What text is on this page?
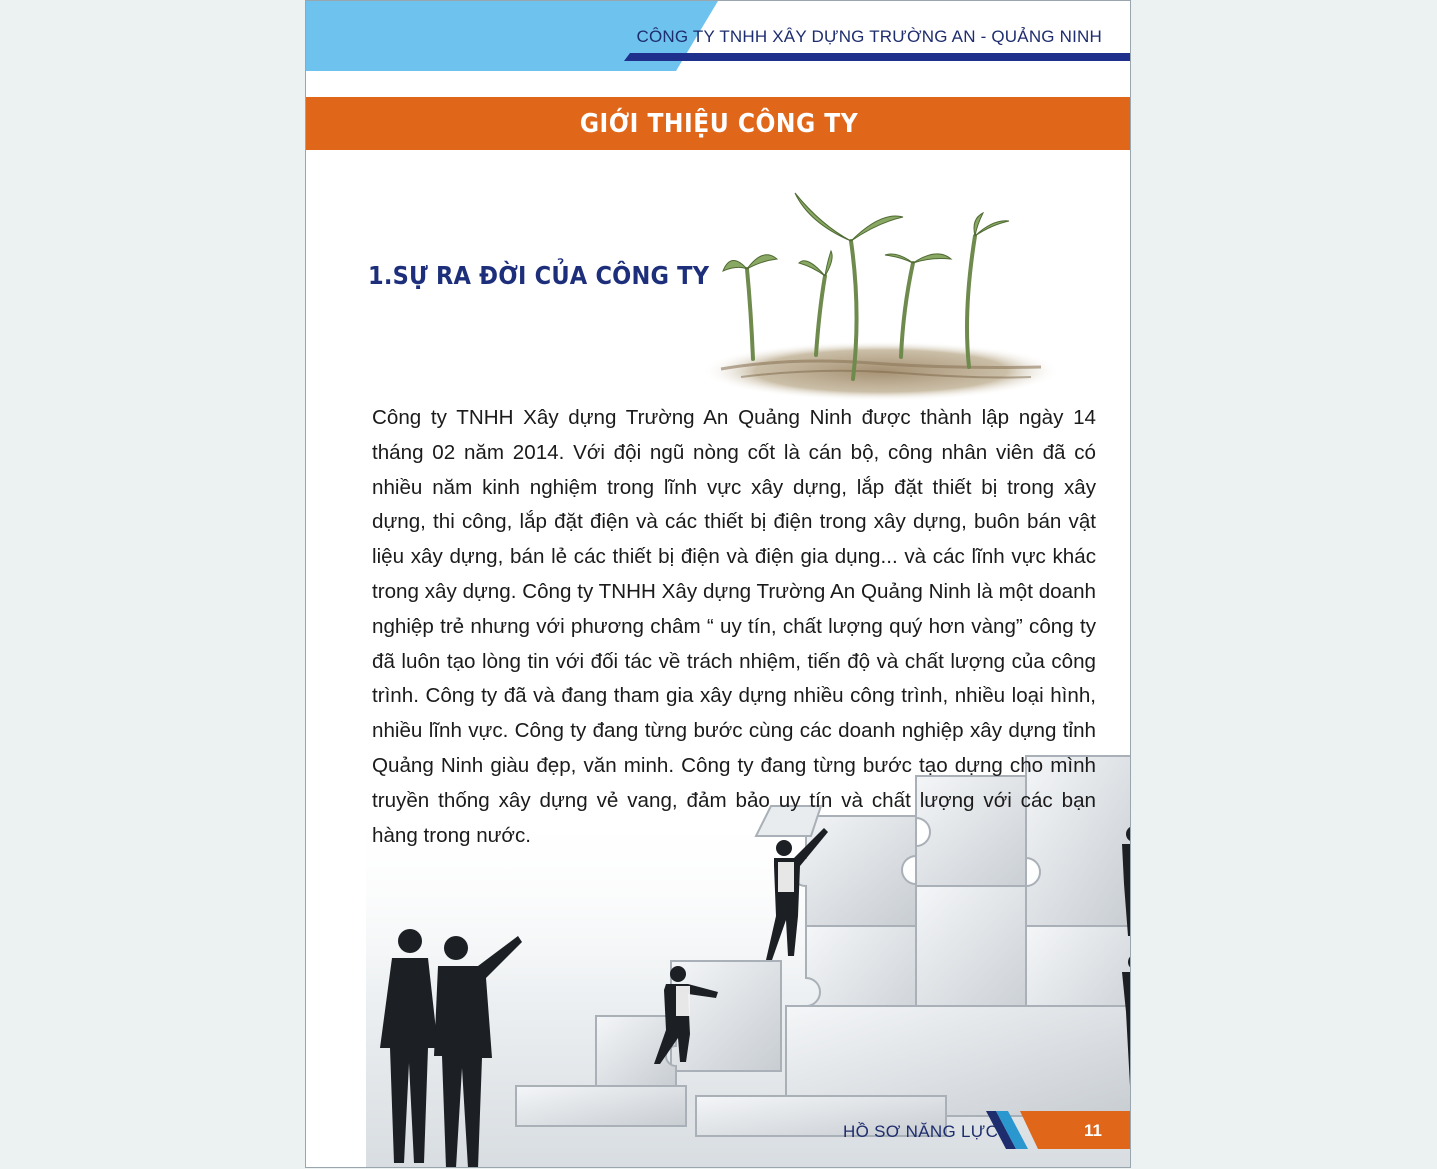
CÔNG TY TNHH XÂY DỰNG TRƯỜNG AN - QUẢNG NINH
GIỚI THIỆU CÔNG TY
1.SỰ RA ĐỜI CỦA CÔNG TY

Công ty TNHH Xây dựng Trường An Quảng Ninh được thành lập ngày 14 tháng 02 năm 2014. Với đội ngũ nòng cốt là cán bộ, công nhân viên đã có nhiều năm kinh nghiệm trong lĩnh vực xây dựng, lắp đặt thiết bị trong xây dựng, thi công, lắp đặt điện và các thiết bị điện trong xây dựng, buôn bán vật liệu xây dựng, bán lẻ các thiết bị điện và điện gia dụng... và các lĩnh vực khác trong xây dựng. Công ty TNHH Xây dựng Trường An Quảng Ninh là một doanh nghiệp trẻ nhưng với phương châm “ uy tín, chất lượng quý hơn vàng” công ty đã luôn tạo lòng tin với đối tác về trách nhiệm, tiến độ và chất lượng của công trình. Công ty đã và đang tham gia xây dựng nhiều công trình, nhiều loại hình, nhiều lĩnh vực. Công ty đang từng bước cùng các doanh nghiệp xây dựng tỉnh Quảng Ninh giàu đẹp, văn minh. Công ty đang từng bước tạo dựng cho mình truyền thống xây dựng vẻ vang, đảm bảo uy tín và chất lượng với các bạn hàng trong nước.

HỒ SƠ NĂNG LỰC	11
